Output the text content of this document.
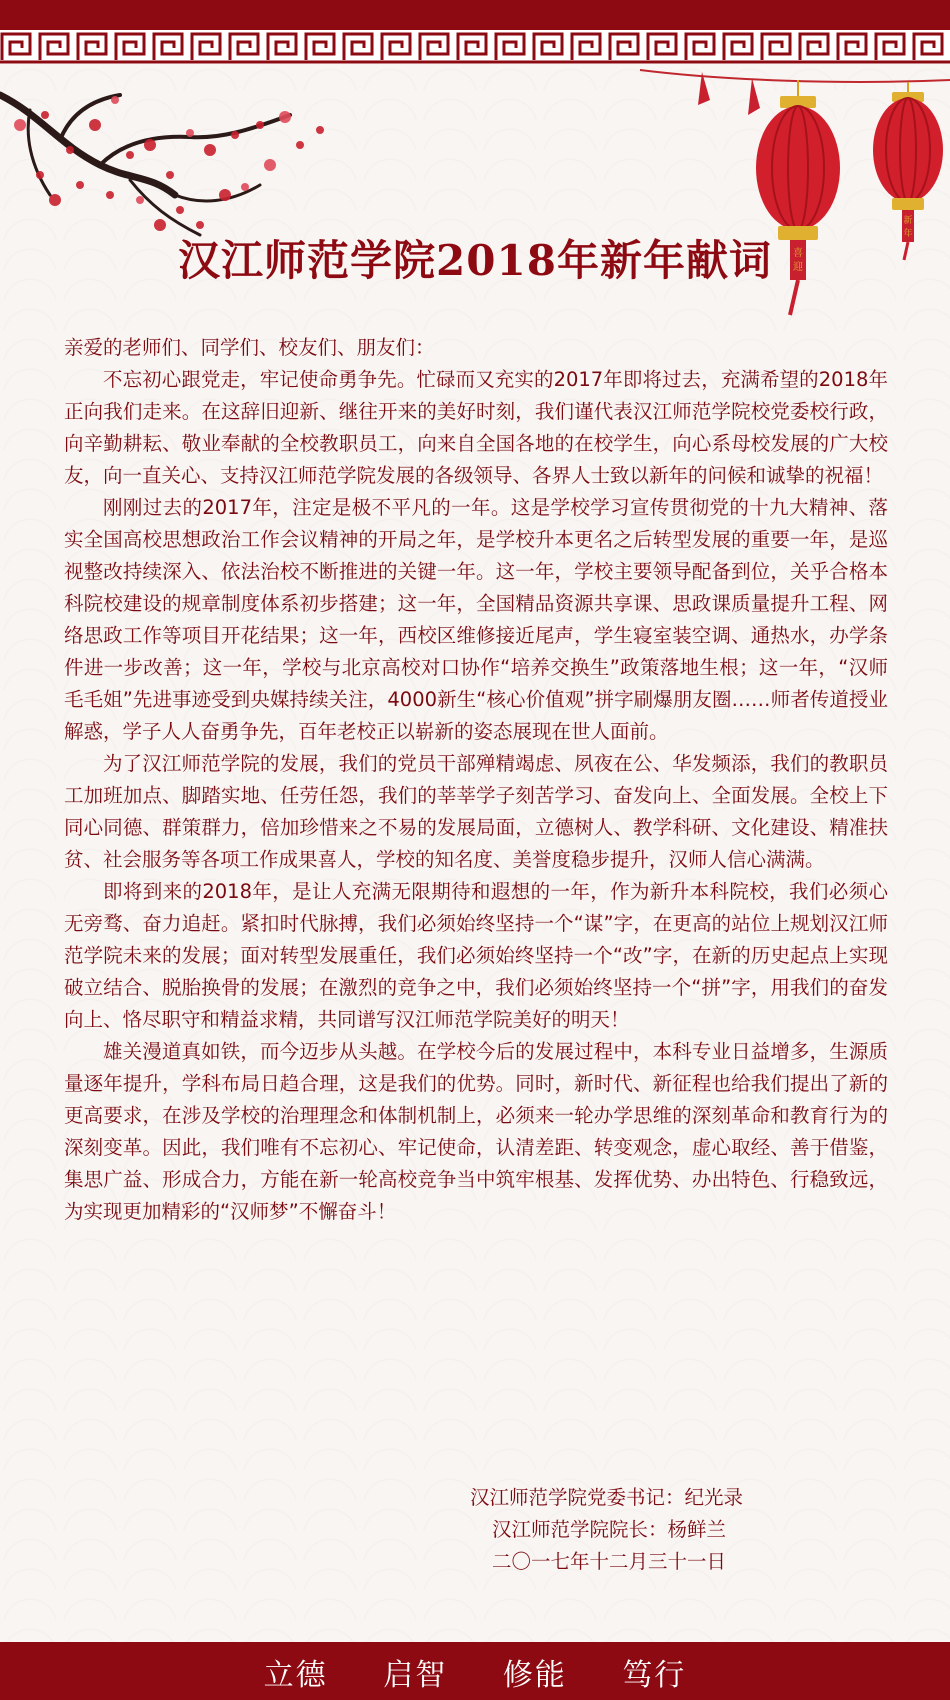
喜
迎
新
年
汉江师范学院2018年新年献词

亲爱的老师们、同学们、校友们、朋友们：

不忘初心跟党走，牢记使命勇争先。忙碌而又充实的2017年即将过去，充满希望的2018年正向我们走来。在这辞旧迎新、继往开来的美好时刻，我们谨代表汉江师范学院校党委校行政，向辛勤耕耘、敬业奉献的全校教职员工，向来自全国各地的在校学生，向心系母校发展的广大校友，向一直关心、支持汉江师范学院发展的各级领导、各界人士致以新年的问候和诚挚的祝福！

刚刚过去的2017年，注定是极不平凡的一年。这是学校学习宣传贯彻党的十九大精神、落实全国高校思想政治工作会议精神的开局之年，是学校升本更名之后转型发展的重要一年，是巡视整改持续深入、依法治校不断推进的关键一年。这一年，学校主要领导配备到位，关乎合格本科院校建设的规章制度体系初步搭建；这一年，全国精品资源共享课、思政课质量提升工程、网络思政工作等项目开花结果；这一年，西校区维修接近尾声，学生寝室装空调、通热水，办学条件进一步改善；这一年，学校与北京高校对口协作“培养交换生”政策落地生根；这一年，“汉师毛毛姐”先进事迹受到央媒持续关注，4000新生“核心价值观”拼字刷爆朋友圈……师者传道授业解惑，学子人人奋勇争先，百年老校正以崭新的姿态展现在世人面前。

为了汉江师范学院的发展，我们的党员干部殚精竭虑、夙夜在公、华发频添，我们的教职员工加班加点、脚踏实地、任劳任怨，我们的莘莘学子刻苦学习、奋发向上、全面发展。全校上下同心同德、群策群力，倍加珍惜来之不易的发展局面，立德树人、教学科研、文化建设、精准扶贫、社会服务等各项工作成果喜人，学校的知名度、美誉度稳步提升，汉师人信心满满。

即将到来的2018年，是让人充满无限期待和遐想的一年，作为新升本科院校，我们必须心无旁骛、奋力追赶。紧扣时代脉搏，我们必须始终坚持一个“谋”字，在更高的站位上规划汉江师范学院未来的发展；面对转型发展重任，我们必须始终坚持一个“改”字，在新的历史起点上实现破立结合、脱胎换骨的发展；在激烈的竞争之中，我们必须始终坚持一个“拼”字，用我们的奋发向上、恪尽职守和精益求精，共同谱写汉江师范学院美好的明天！

雄关漫道真如铁，而今迈步从头越。在学校今后的发展过程中，本科专业日益增多，生源质量逐年提升，学科布局日趋合理，这是我们的优势。同时，新时代、新征程也给我们提出了新的更高要求，在涉及学校的治理理念和体制机制上，必须来一轮办学思维的深刻革命和教育行为的深刻变革。因此，我们唯有不忘初心、牢记使命，认清差距、转变观念，虚心取经、善于借鉴，集思广益、形成合力，方能在新一轮高校竞争当中筑牢根基、发挥优势、办出特色、行稳致远，为实现更加精彩的“汉师梦”不懈奋斗！

汉江师范学院党委书记：纪光录
汉江师范学院院长：杨鲜兰
二〇一七年十二月三十一日
立德 启智 修能 笃行
